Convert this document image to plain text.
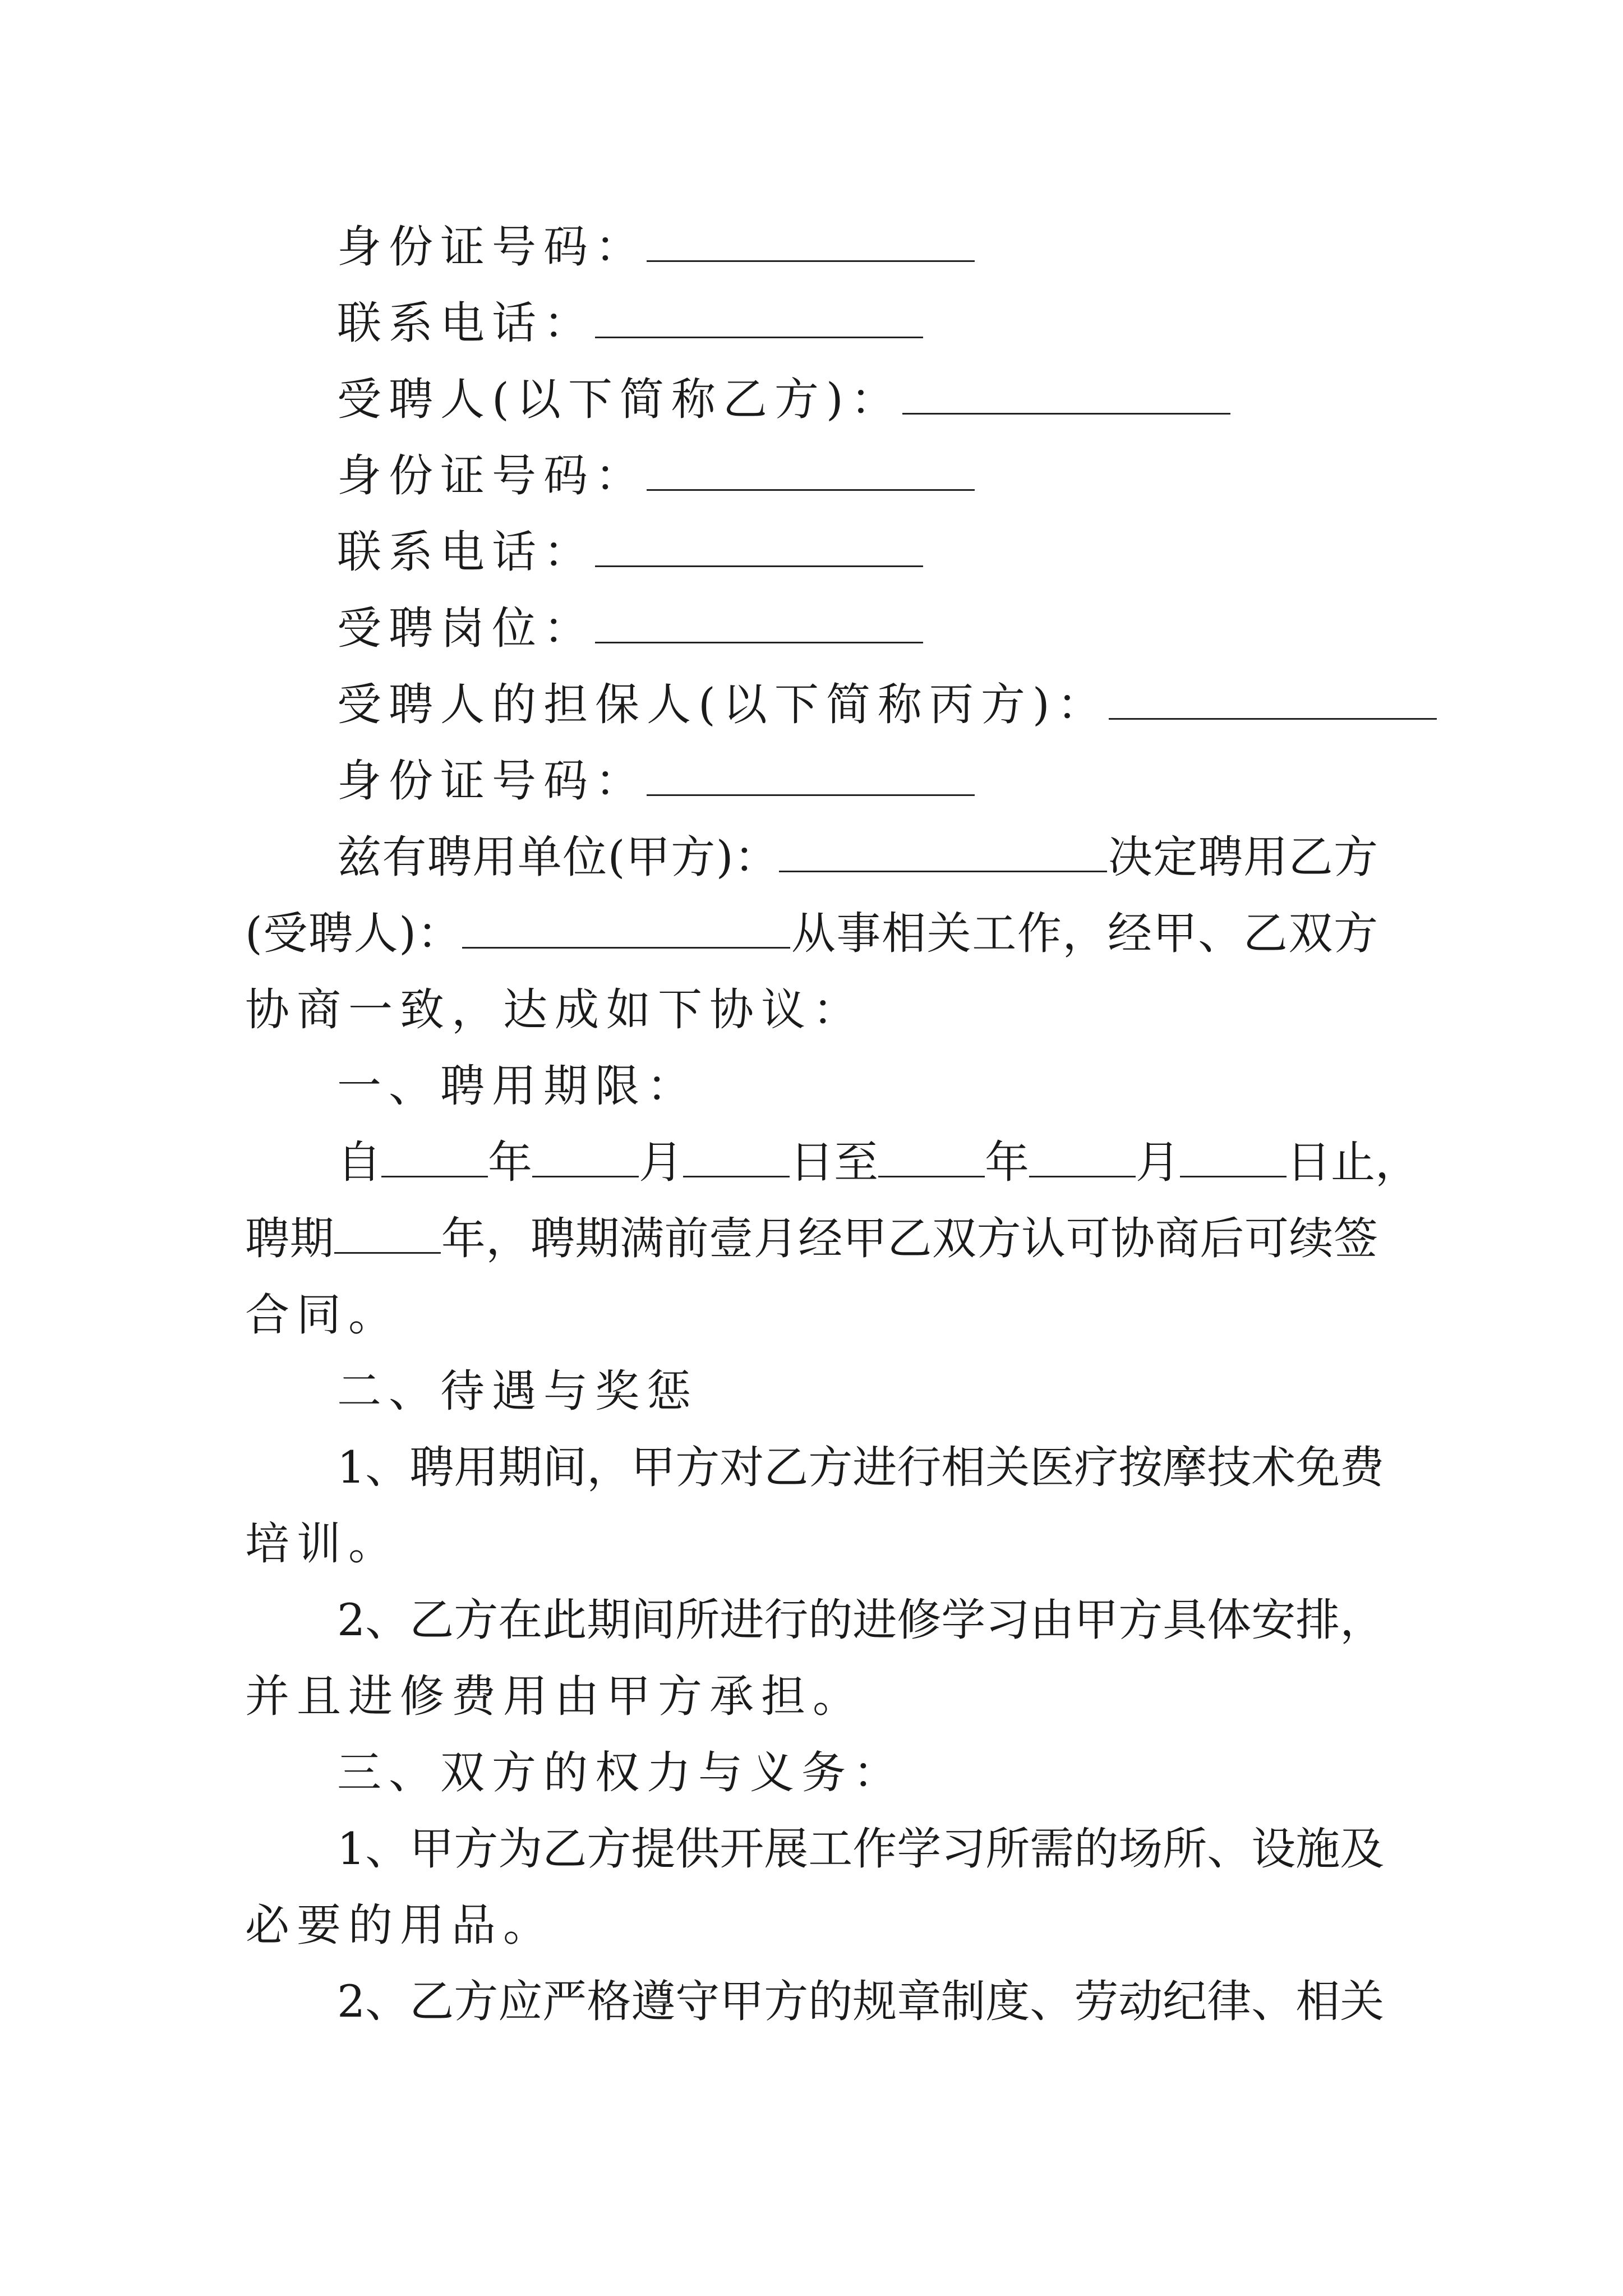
身份证号码：
联系电话：
受聘人(以下简称乙方)：
身份证号码：
联系电话：
受聘岗位：
受聘人的担保人(以下简称丙方)：
身份证号码：
兹有聘用单位(甲方)：	决定聘用乙方
(受聘人)：	从事相关工作，经甲、乙双方
协商一致，达成如下协议：
一、聘用期限：
自 年 月 日至 年 月 日止，
聘期 年，聘期满前壹月经甲乙双方认可协商后可续签
合同。
二、待遇与奖惩
1、聘用期间，甲方对乙方进行相关医疗按摩技术免费
培训。
2、乙方在此期间所进行的进修学习由甲方具体安排，
并且进修费用由甲方承担。
三、双方的权力与义务：
1、甲方为乙方提供开展工作学习所需的场所、设施及
必要的用品。
2、乙方应严格遵守甲方的规章制度、劳动纪律、相关
